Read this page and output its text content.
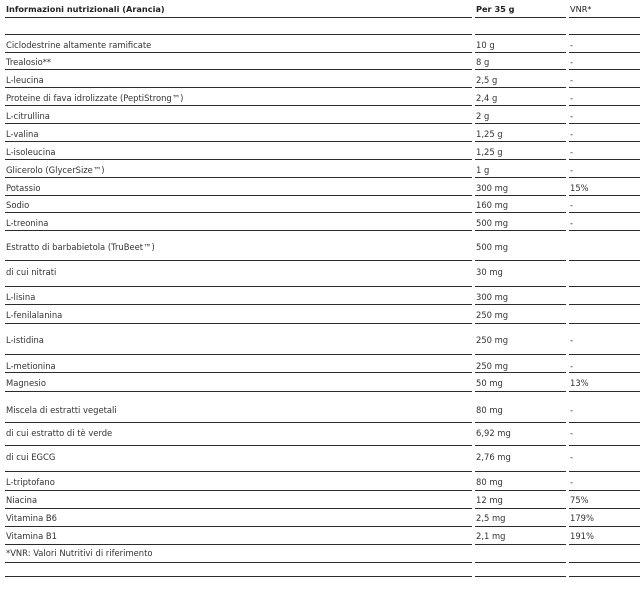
Informazioni nutrizionali (Arancia)	Per 35 g	VNR*
Ciclodestrine altamente ramificate	10 g	-
Trealosio**	8 g	-
L-leucina	2,5 g	-
Proteine di fava idrolizzate (PeptiStrong™)	2,4 g	-
L-citrullina	2 g	-
L-valina	1,25 g	-
L-isoleucina	1,25 g	-
Glicerolo (GlycerSize™)	1 g	-
Potassio	300 mg	15%
Sodio	160 mg	-
L-treonina	500 mg	-
Estratto di barbabietola (TruBeet™)	500 mg
di cui nitrati	30 mg
L-lisina	300 mg
L-fenilalanina	250 mg
L-istidina	250 mg	-
L-metionina	250 mg	-
Magnesio	50 mg	13%
Miscela di estratti vegetali	80 mg	-
di cui estratto di tè verde	6,92 mg	-
di cui EGCG	2,76 mg	-
L-triptofano	80 mg	-
Niacina	12 mg	75%
Vitamina B6	2,5 mg	179%
Vitamina B1	2,1 mg	191%
*VNR: Valori Nutritivi di riferimento
